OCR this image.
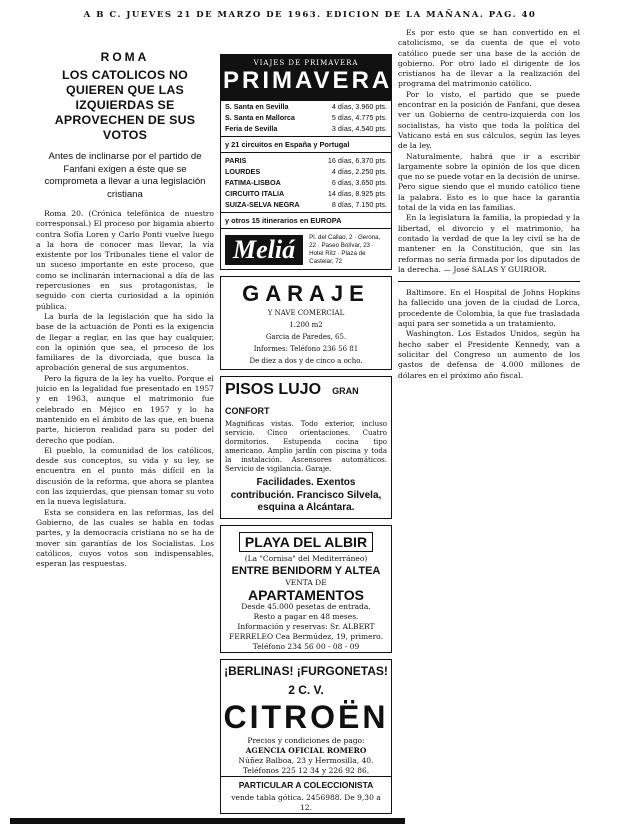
A B C. JUEVES 21 DE MARZO DE 1963. EDICION DE LA MAÑANA. PAG. 40

ROMA

LOS CATOLICOS NO QUIEREN QUE LAS IZQUIERDAS SE APROVECHEN DE SUS VOTOS

Antes de inclinarse por el partido de Fanfani exigen a éste que se comprometa a llevar a una legislación cristiana

Roma 20. (Crónica telefónica de nuestro corresponsal.) El proceso por bigamia abierto contra Sofía Loren y Carlo Ponti vuelve luego a la hora de conocer mas llevar, la vía existente por los Tribunales tiene el valor de un suceso importante en este proceso, que como se inclinarán internacional a día de las repercusiones en sus protagonistas, le seguido con cierta curiosidad a la opinión pública.

La burla de la legislación que ha sido la base de la actuación de Ponti es la exigencia de llegar a reglar, en las que hay cualquier, con la opinión que sea, el proceso de los familiares de la divorciada, que busca la aprobación general de sus argumentos.

Pero la figura de la ley ha vuelto. Porque el juicio en la legalidad fue presentado en 1957 y en 1963, aunque el matrimonio fue celebrado en Méjico en 1957 y lo ha mantenido en el ámbito de las que, en buena parte, hicieron realidad para su poder del derecho que podían.

El pueblo, la comunidad de los católicos, desde sus conceptos, su vida y su ley, se encuentra en el punto más difícil en la discusión de la reforma, que ahora se plantea con las izquierdas, que piensan tomar su voto en la nueva legislatura.

Esta se considera en las reformas, las del Gobierno, de las cuales se habla en todas partes, y la democracia cristiana no se ha de mover sin garantías de los Socialistas. Los católicos, cuyos votos son indispensables, esperan las respuestas.

VIAJES DE PRIMAVERA
PRIMAVERA
S. Santa en Sevilla	4 días, 3.960 pts.
S. Santa en Mallorca	5 días, 4.775 pts.
Feria de Sevilla	3 días, 4.540 pts.
y 21 circuitos en España y Portugal
PARIS	16 días, 6.370 pts.
LOURDES	4 días, 2.250 pts.
FATIMA-LISBOA	6 días, 3.650 pts.
CIRCUITO ITALIA	14 días, 8.925 pts.
SUIZA-SELVA NEGRA	8 días, 7.150 pts.
y otros 15 itinerarios en EUROPA
Meliá	Pl. del Callao, 2 · Gerona, 22 · Paseo Bolívar, 23 · Hotel Ritz · Plaza de Castelar, 72
GARAJE
Y NAVE COMERCIAL
1.200 m2
Garcia de Paredes, 65.
Informes: Teléfono 236 56 81
De diez a dos y de cinco a ocho.
PISOS LUJO GRAN CONFORT
Magnificas vistas. Todo exterior, incluso servicio. Cinco orientaciones. Cuatro dormitorios. Estupenda cocina tipo americano. Amplio jardín con piscina y toda la instalación. Ascensores automáticos. Servicio de vigilancia. Garaje.
Facilidades. Exentos contribución. Francisco Silvela, esquina a Alcántara.
PLAYA DEL ALBIR
(La "Cornisa" del Mediterráneo)
ENTRE BENIDORM Y ALTEA
VENTA DE
APARTAMENTOS
Desde 45.000 pesetas de entrada.
Resto a pagar en 48 meses.
Información y reservas: Sr. ALBERT FERRELEO Cea Bermúdez, 19, primero.
Teléfono 234 56 00 - 08 - 09
¡BERLINAS! ¡FURGONETAS!
2 C. V.
CITROËN
Precios y condiciones de pago:
AGENCIA OFICIAL ROMERO
Núñez Balboa, 23 y Hermosilla, 40.
Teléfonos 225 12 34 y 226 92 86.
PARTICULAR A COLECCIONISTA
vende tabla gótica. 2456988. De 9,30 a 12.

Es por esto que se han convertido en el catolicismo, se da cuenta de que el voto católico puede ser una base de la acción de gobierno. Por otro lado el dirigente de los cristianos ha de llevar a la realización del programa del matrimonio católico.

Por lo visto, el partido que se puede encontrar en la posición de Fanfani, que desea ver un Gobierno de centro-izquierda con los socialistas, ha visto que toda la política del Vaticano está en sus cálculos, según las leyes de la ley.

Naturalmente, habrá que ir a escribir largamente sobre la opinión de los que dicen que no se puede votar en la decisión de unirse. Pero sigue siendo que el mundo católico tiene la palabra. Esto es lo que hace la garantía total de la vida en las familias.

En la legislatura la familia, la propiedad y la libertad, el divorcio y el matrimonio, ha contado la verdad de que la ley civil se ha de mantener en la Constitución, que sin las reformas no sería firmada por los diputados de la derecha. — José SALAS Y GUIRIOR.

Baltimore. En el Hospital de Johns Hopkins ha fallecido una joven de la ciudad de Lorca, procedente de Colombia, la que fue trasladada aquí para ser sometida a un tratamiento.

Washington. Los Estados Unidos, según ha hecho saber el Presidente Kennedy, van a solicitar del Congreso un aumento de los gastos de defensa de 4.000 millones de dólares en el próximo año fiscal.
